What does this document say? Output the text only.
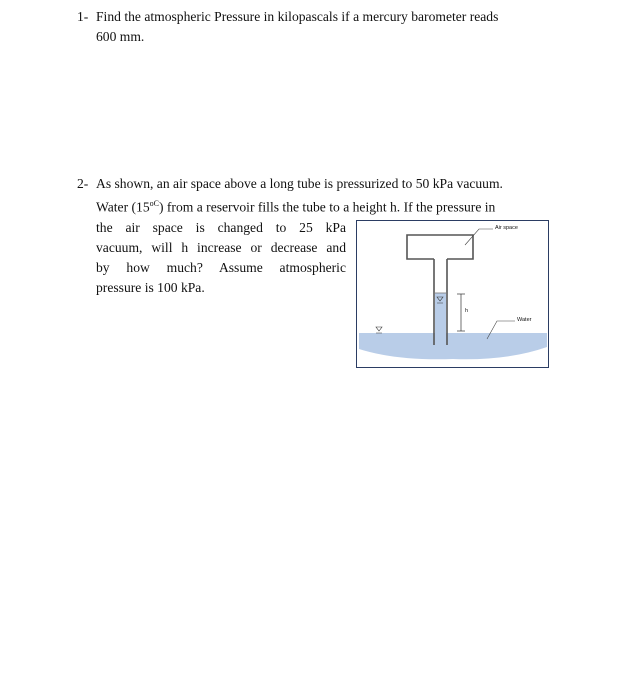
1- Find the atmospheric Pressure in kilopascals if a mercury barometer reads
600 mm.
2- As shown, an air space above a long tube is pressurized to 50 kPa vacuum.
Water $(15^{oC})$ from a reservoir fills the tube to a height h. If the pressure in
the air space is changed to 25 kPa
vacuum, will h increase or decrease and
by how much? Assume atmospheric
pressure is 100 kPa.
Air space
Water
h
